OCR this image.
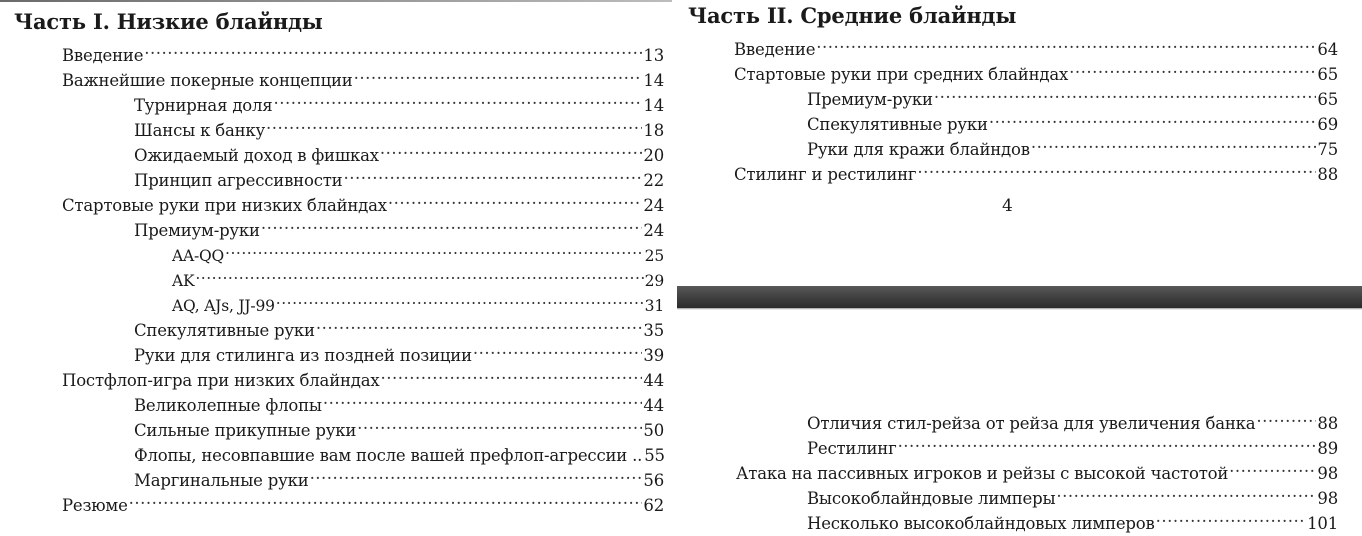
Часть I. Низкие блайнды
Введение .....	13
Важнейшие покерные концепции .....	14
Турнирная доля .....	14
Шансы к банку .....	18
Ожидаемый доход в фишках .....	20
Принцип агрессивности .....	22
Стартовые руки при низких блайндах .....	24
Премиум-руки .....	24
AA-QQ .....	25
AK .....	29
AQ, AJs, JJ-99 .....	31
Спекулятивные руки .....	35
Руки для стилинга из поздней позиции .....	39
Постфлоп-игра при низких блайндах .....	44
Великолепные флопы .....	44
Сильные прикупные руки .....	50
Флопы, несовпавшие вам после вашей префлоп-агрессии .. 55
Маргинальные руки .....	56
Резюме .....	62
Часть II. Средние блайнды
Введение .....	64
Стартовые руки при средних блайндах .....	65
Премиум-руки .....	65
Спекулятивные руки .....	69
Руки для кражи блайндов .....	75
Стилинг и рестилинг .....	88
4
Отличия стил-рейза от рейза для увеличения банка .....	88
Рестилинг .....	89
Атака на пассивных игроков и рейзы с высокой частотой .....	98
Высокоблайндовые лимперы .....	98
Несколько высокоблайндовых лимперов .....	101
